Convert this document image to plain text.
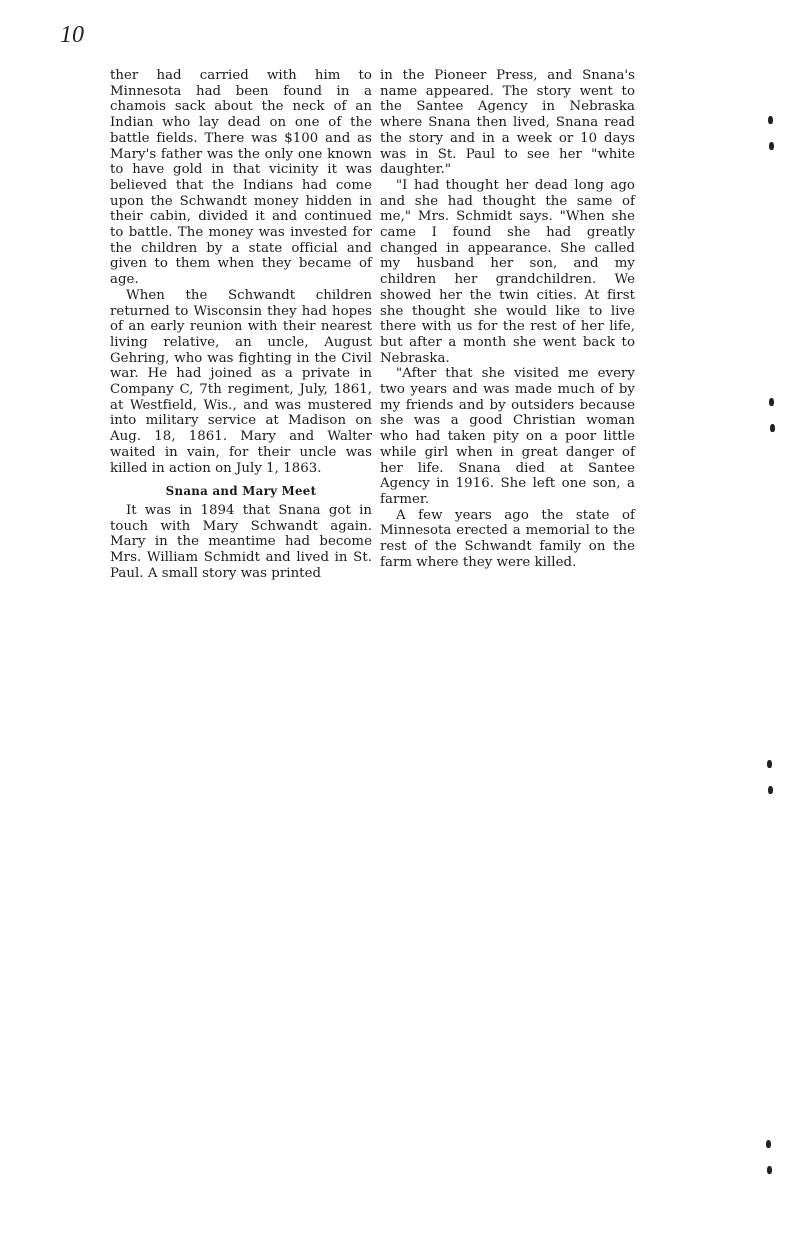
10

ther had carried with him to Minnesota had been found in a chamois sack about the neck of an Indian who lay dead on one of the battle fields. There was $100 and as Mary's father was the only one known to have gold in that vicinity it was believed that the Indians had come upon the Schwandt money hidden in their cabin, divided it and continued to battle. The money was invested for the children by a state official and given to them when they became of age.

When the Schwandt children returned to Wisconsin they had hopes of an early reunion with their nearest living relative, an uncle, August Gehring, who was fighting in the Civil war. He had joined as a private in Company C, 7th regiment, July, 1861, at Westfield, Wis., and was mustered into military service at Madison on Aug. 18, 1861. Mary and Walter waited in vain, for their uncle was killed in action on July 1, 1863.

Snana and Mary Meet

It was in 1894 that Snana got in touch with Mary Schwandt again. Mary in the meantime had become Mrs. William Schmidt and lived in St. Paul. A small story was printed

in the Pioneer Press, and Snana's name appeared. The story went to the Santee Agency in Nebraska where Snana then lived, Snana read the story and in a week or 10 days was in St. Paul to see her "white daughter."

"I had thought her dead long ago and she had thought the same of me," Mrs. Schmidt says. "When she came I found she had greatly changed in appearance. She called my husband her son, and my children her grandchildren. We showed her the twin cities. At first she thought she would like to live there with us for the rest of her life, but after a month she went back to Nebraska.

"After that she visited me every two years and was made much of by my friends and by outsiders because she was a good Christian woman who had taken pity on a poor little while girl when in great danger of her life. Snana died at Santee Agency in 1916. She left one son, a farmer.

A few years ago the state of Minnesota erected a memorial to the rest of the Schwandt family on the farm where they were killed.
